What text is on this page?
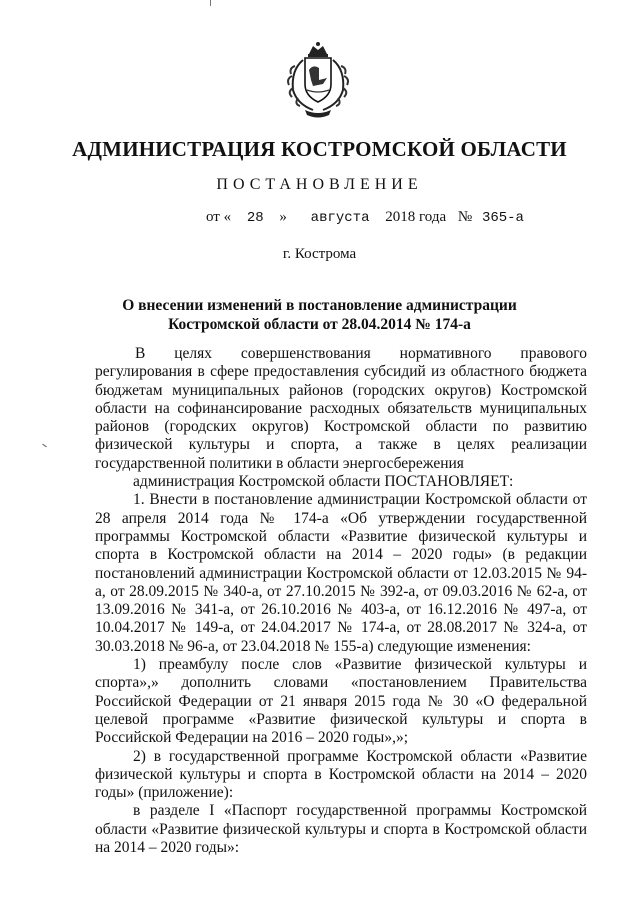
АДМИНИСТРАЦИЯ КОСТРОМСКОЙ ОБЛАСТИ
ПОСТАНОВЛЕНИЕ
от « 28 » августа 2018 года № 365-а
г. Кострома
О внесении изменений в постановление администрации
Костромской области от 28.04.2014 № 174-а

В целях совершенствования нормативного правового регулирования в сфере предоставления субсидий из областного бюджета бюджетам муниципальных районов (городских округов) Костромской области на софинансирование расходных обязательств муниципальных районов (городских округов) Костромской области по развитию физической культуры и спорта, а также в целях реализации государственной политики в области энергосбережения

администрация Костромской области ПОСТАНОВЛЯЕТ:

1. Внести в постановление администрации Костромской области от 28 апреля 2014 года № 174-а «Об утверждении государственной программы Костромской области «Развитие физической культуры и спорта в Костромской области на 2014 – 2020 годы» (в редакции постановлений администрации Костромской области от 12.03.2015 № 94-а, от 28.09.2015 № 340-а, от 27.10.2015 № 392-а, от 09.03.2016 № 62-а, от 13.09.2016 № 341-а, от 26.10.2016 № 403-а, от 16.12.2016 № 497-а, от 10.04.2017 № 149-а, от 24.04.2017 № 174-а, от 28.08.2017 № 324-а, от 30.03.2018 № 96-а, от 23.04.2018 № 155-а) следующие изменения:

1) преамбулу после слов «Развитие физической культуры и спорта»,» дополнить словами «постановлением Правительства Российской Федерации от 21 января 2015 года № 30 «О федеральной целевой программе «Развитие физической культуры и спорта в Российской Федерации на 2016 – 2020 годы»,»;

2) в государственной программе Костромской области «Развитие физической культуры и спорта в Костромской области на 2014 – 2020 годы» (приложение):

в разделе I «Паспорт государственной программы Костромской области «Развитие физической культуры и спорта в Костромской области на 2014 – 2020 годы»:
